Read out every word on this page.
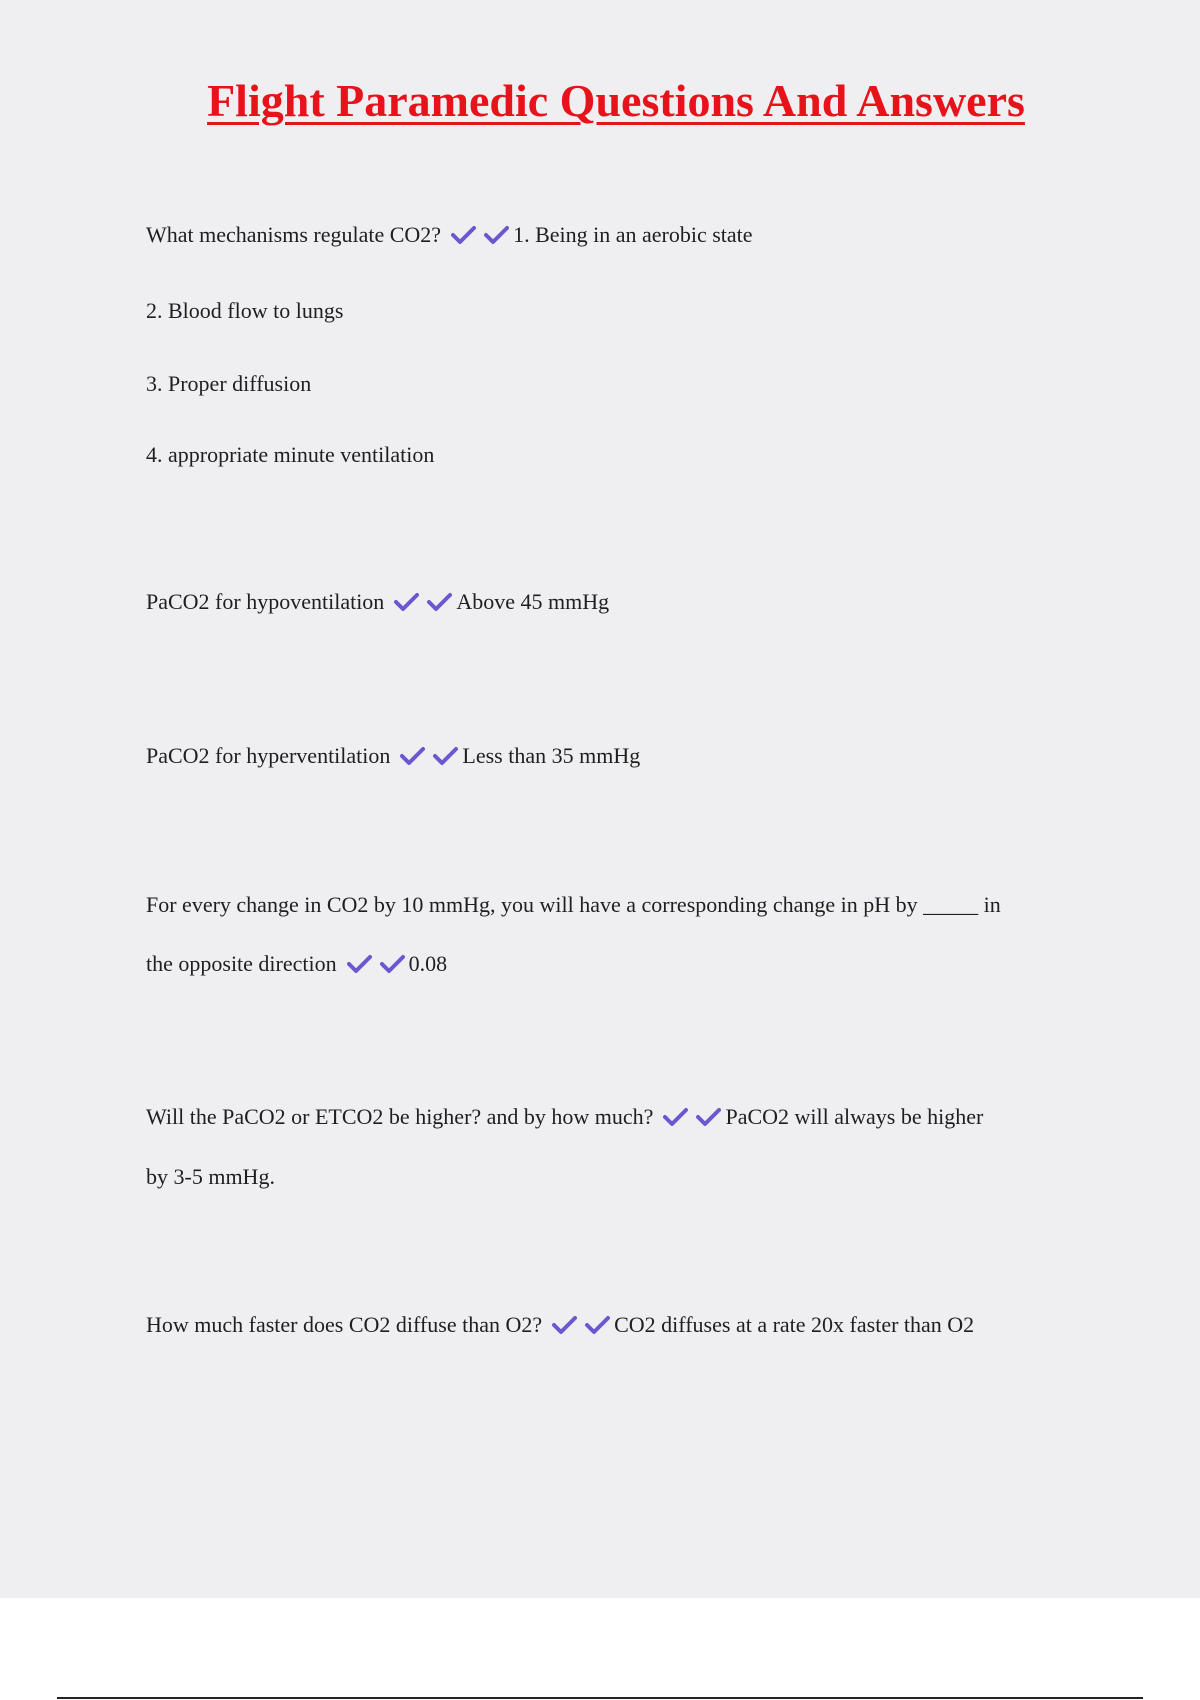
Flight Paramedic Questions And Answers

What mechanisms regulate CO2?	1. Being in an aerobic state

2. Blood flow to lungs

3. Proper diffusion

4. appropriate minute ventilation

PaCO2 for hypoventilation	Above 45 mmHg

PaCO2 for hyperventilation	Less than 35 mmHg

For every change in CO2 by 10 mmHg, you will have a corresponding change in pH by _____ in

the opposite direction	0.08

Will the PaCO2 or ETCO2 be higher? and by how much?	PaCO2 will always be higher

by 3-5 mmHg.

How much faster does CO2 diffuse than O2?	CO2 diffuses at a rate 20x faster than O2
